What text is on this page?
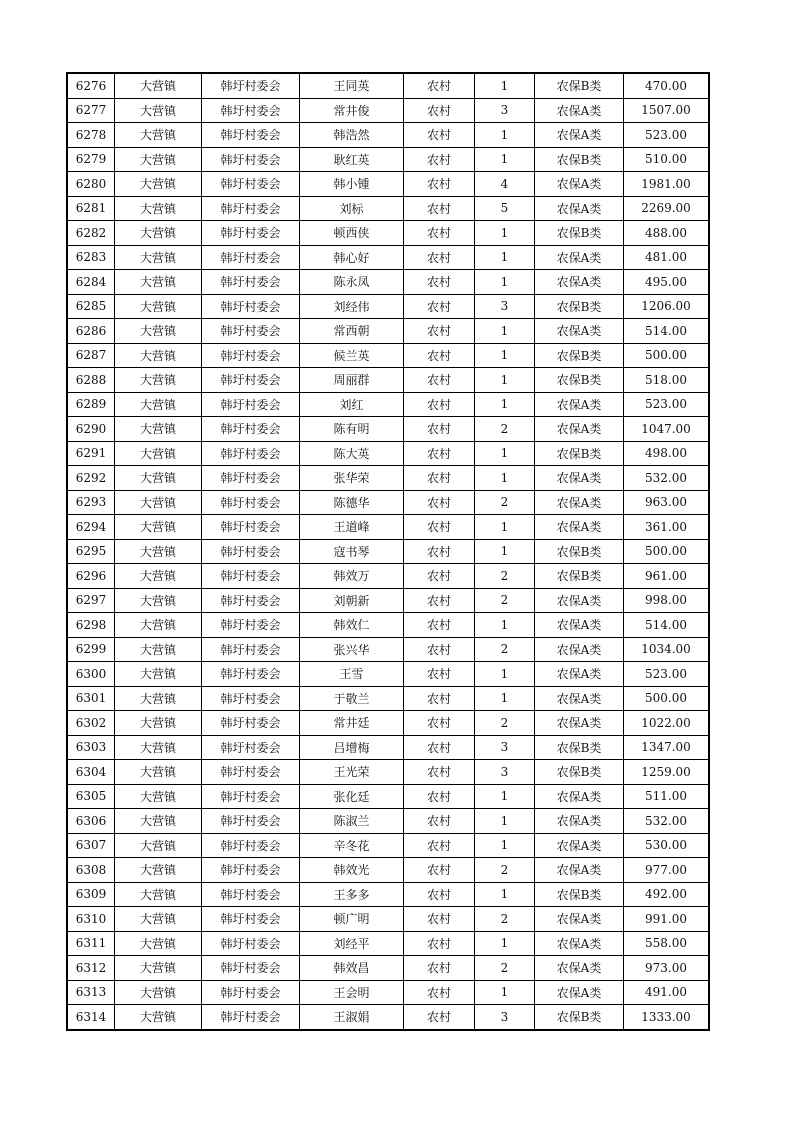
6276	大营镇	韩圩村委会	王同英	农村	1	农保B类	470.00
6277	大营镇	韩圩村委会	常井俊	农村	3	农保A类	1507.00
6278	大营镇	韩圩村委会	韩浩然	农村	1	农保A类	523.00
6279	大营镇	韩圩村委会	耿红英	农村	1	农保B类	510.00
6280	大营镇	韩圩村委会	韩小锺	农村	4	农保A类	1981.00
6281	大营镇	韩圩村委会	刘标	农村	5	农保A类	2269.00
6282	大营镇	韩圩村委会	顿西侠	农村	1	农保B类	488.00
6283	大营镇	韩圩村委会	韩心好	农村	1	农保A类	481.00
6284	大营镇	韩圩村委会	陈永凤	农村	1	农保A类	495.00
6285	大营镇	韩圩村委会	刘经伟	农村	3	农保B类	1206.00
6286	大营镇	韩圩村委会	常西朝	农村	1	农保A类	514.00
6287	大营镇	韩圩村委会	候兰英	农村	1	农保B类	500.00
6288	大营镇	韩圩村委会	周丽群	农村	1	农保B类	518.00
6289	大营镇	韩圩村委会	刘红	农村	1	农保A类	523.00
6290	大营镇	韩圩村委会	陈有明	农村	2	农保A类	1047.00
6291	大营镇	韩圩村委会	陈大英	农村	1	农保B类	498.00
6292	大营镇	韩圩村委会	张华荣	农村	1	农保A类	532.00
6293	大营镇	韩圩村委会	陈德华	农村	2	农保A类	963.00
6294	大营镇	韩圩村委会	王道峰	农村	1	农保A类	361.00
6295	大营镇	韩圩村委会	寇书琴	农村	1	农保B类	500.00
6296	大营镇	韩圩村委会	韩效万	农村	2	农保B类	961.00
6297	大营镇	韩圩村委会	刘朝新	农村	2	农保A类	998.00
6298	大营镇	韩圩村委会	韩效仁	农村	1	农保A类	514.00
6299	大营镇	韩圩村委会	张兴华	农村	2	农保A类	1034.00
6300	大营镇	韩圩村委会	王雪	农村	1	农保A类	523.00
6301	大营镇	韩圩村委会	于敬兰	农村	1	农保A类	500.00
6302	大营镇	韩圩村委会	常井廷	农村	2	农保A类	1022.00
6303	大营镇	韩圩村委会	吕增梅	农村	3	农保B类	1347.00
6304	大营镇	韩圩村委会	王光荣	农村	3	农保B类	1259.00
6305	大营镇	韩圩村委会	张化廷	农村	1	农保A类	511.00
6306	大营镇	韩圩村委会	陈淑兰	农村	1	农保A类	532.00
6307	大营镇	韩圩村委会	辛冬花	农村	1	农保A类	530.00
6308	大营镇	韩圩村委会	韩效光	农村	2	农保A类	977.00
6309	大营镇	韩圩村委会	王多多	农村	1	农保B类	492.00
6310	大营镇	韩圩村委会	顿广明	农村	2	农保A类	991.00
6311	大营镇	韩圩村委会	刘经平	农村	1	农保A类	558.00
6312	大营镇	韩圩村委会	韩效昌	农村	2	农保A类	973.00
6313	大营镇	韩圩村委会	王会明	农村	1	农保A类	491.00
6314	大营镇	韩圩村委会	王淑娟	农村	3	农保B类	1333.00
